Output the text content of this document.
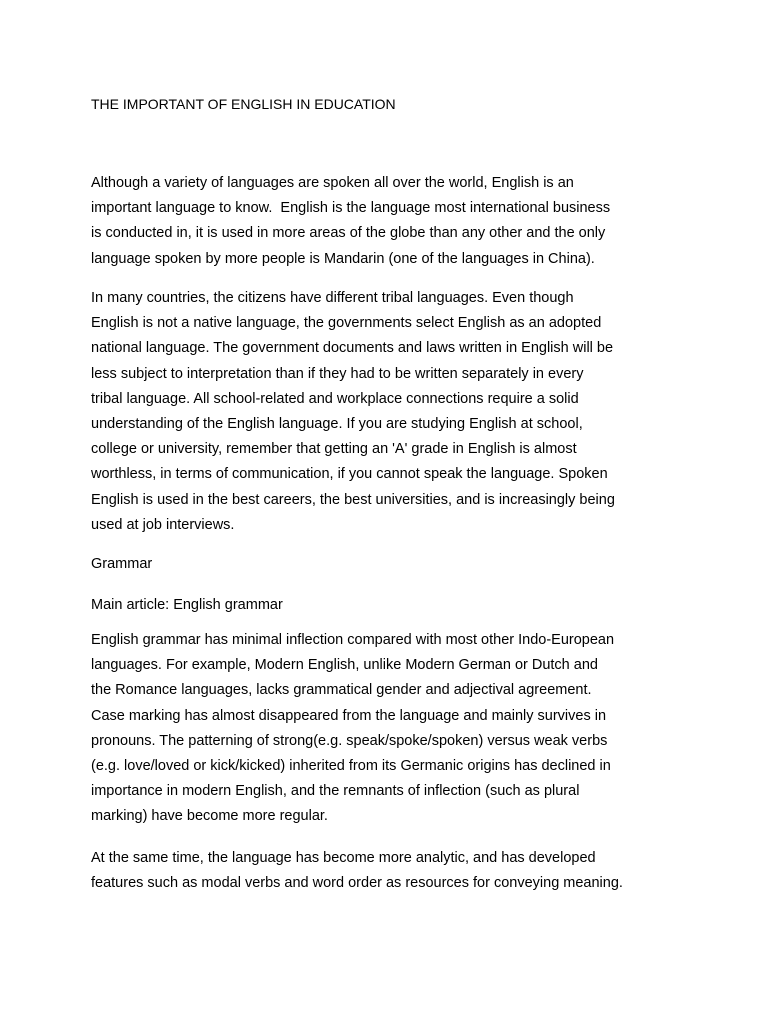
THE IMPORTANT OF ENGLISH IN EDUCATION

Although a variety of languages are spoken all over the world, English is an
important language to know.  English is the language most international business
is conducted in, it is used in more areas of the globe than any other and the only
language spoken by more people is Mandarin (one of the languages in China).

In many countries, the citizens have different tribal languages. Even though
English is not a native language, the governments select English as an adopted
national language. The government documents and laws written in English will be
less subject to interpretation than if they had to be written separately in every
tribal language. All school-related and workplace connections require a solid
understanding of the English language. If you are studying English at school,
college or university, remember that getting an 'A' grade in English is almost
worthless, in terms of communication, if you cannot speak the language. Spoken
English is used in the best careers, the best universities, and is increasingly being
used at job interviews.

Grammar

Main article: English grammar

English grammar has minimal inflection compared with most other Indo-European
languages. For example, Modern English, unlike Modern German or Dutch and
the Romance languages, lacks grammatical gender and adjectival agreement.
Case marking has almost disappeared from the language and mainly survives in
pronouns. The patterning of strong(e.g. speak/spoke/spoken) versus weak verbs
(e.g. love/loved or kick/kicked) inherited from its Germanic origins has declined in
importance in modern English, and the remnants of inflection (such as plural
marking) have become more regular.

At the same time, the language has become more analytic, and has developed
features such as modal verbs and word order as resources for conveying meaning.
